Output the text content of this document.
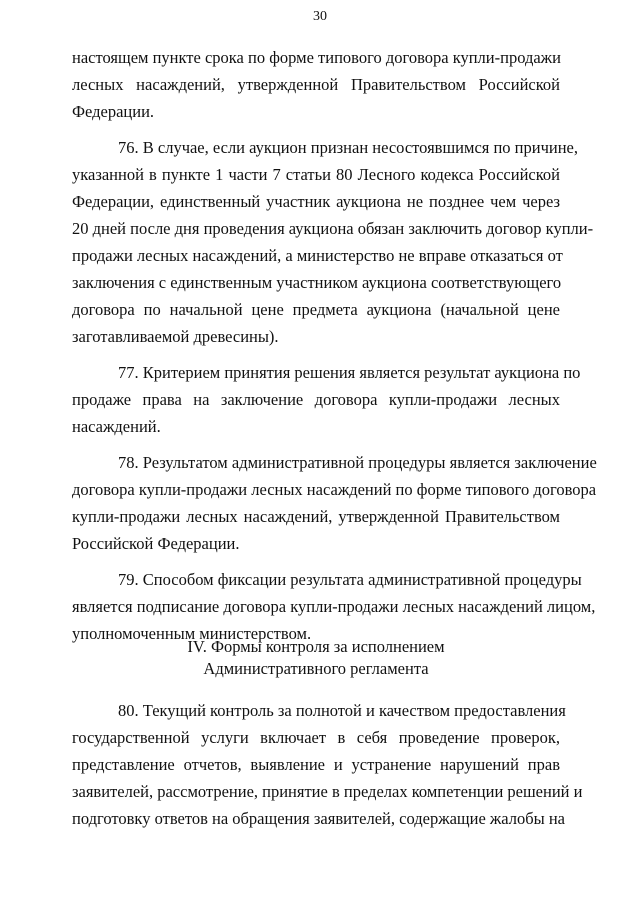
30

настоящем пункте срока по форме типового договора купли-продажи
лесных насаждений, утвержденной Правительством Российской
Федерации.

76. В случае, если аукцион признан несостоявшимся по причине,
указанной в пункте 1 части 7 статьи 80 Лесного кодекса Российской
Федерации, единственный участник аукциона не позднее чем через
20 дней после дня проведения аукциона обязан заключить договор купли-
продажи лесных насаждений, а министерство не вправе отказаться от
заключения с единственным участником аукциона соответствующего
договора по начальной цене предмета аукциона (начальной цене
заготавливаемой древесины).

77. Критерием принятия решения является результат аукциона по
продаже права на заключение договора купли-продажи лесных
насаждений.

78. Результатом административной процедуры является заключение
договора купли-продажи лесных насаждений по форме типового договора
купли-продажи лесных насаждений, утвержденной Правительством
Российской Федерации.

79. Способом фиксации результата административной процедуры
является подписание договора купли-продажи лесных насаждений лицом,
уполномоченным министерством.

IV. Формы контроля за исполнением
Административного регламента

80. Текущий контроль за полнотой и качеством предоставления
государственной услуги включает в себя проведение проверок,
представление отчетов, выявление и устранение нарушений прав
заявителей, рассмотрение, принятие в пределах компетенции решений и
подготовку ответов на обращения заявителей, содержащие жалобы на
